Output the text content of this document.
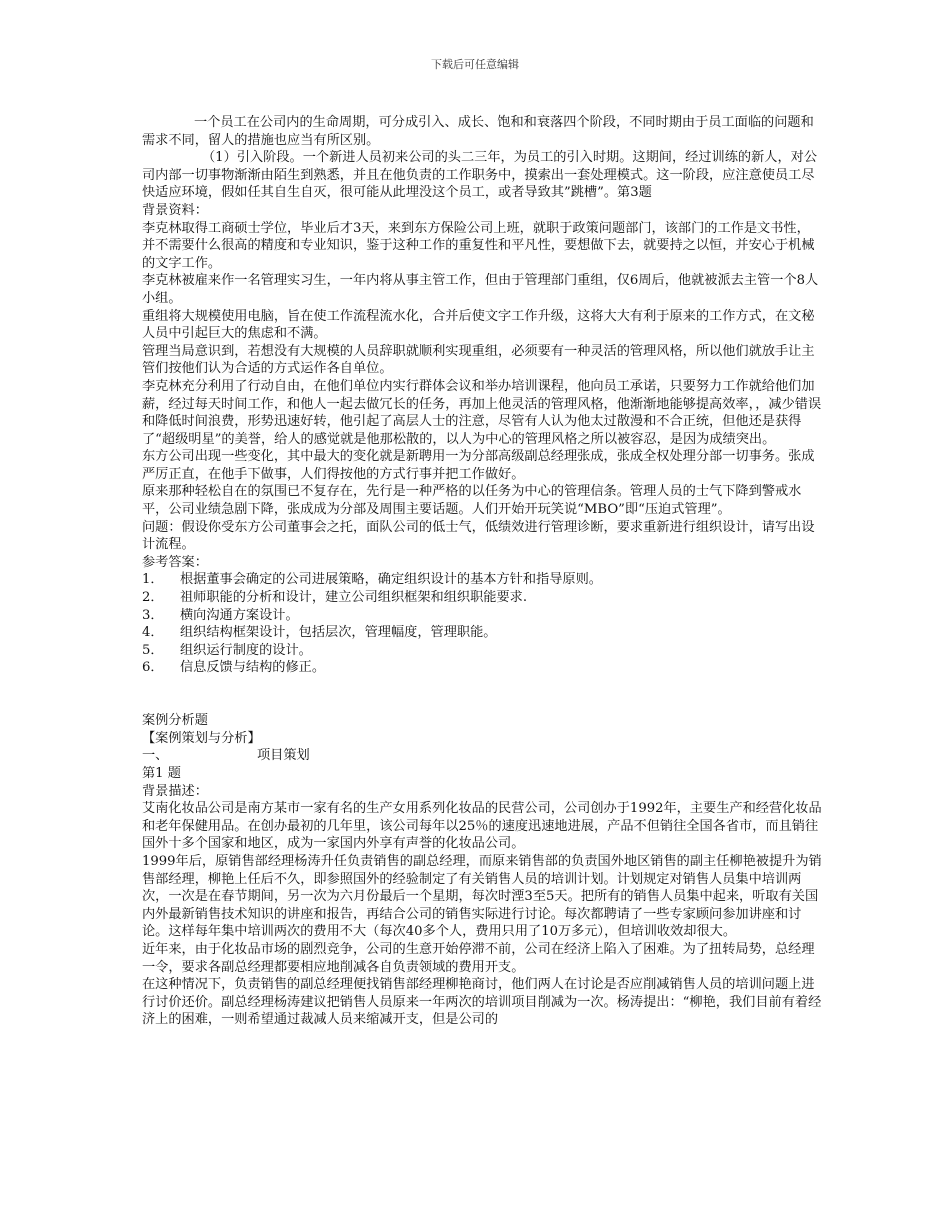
下载后可任意编辑

一个员工在公司内的生命周期，可分成引入、成长、饱和和衰落四个阶段，不同时期由于员工面临的问题和需求不同，留人的措施也应当有所区别。

（1）引入阶段。一个新进人员初来公司的头二三年，为员工的引入时期。这期间，经过训练的新人，对公司内部一切事物渐渐由陌生到熟悉，并且在他负责的工作职务中，摸索出一套处理模式。这一阶段，应注意使员工尽快适应环境，假如任其自生自灭，很可能从此埋没这个员工，或者导致其”跳槽”。第3题

背景资料：

李克林取得工商硕士学位，毕业后才3天，来到东方保险公司上班，就职于政策问题部门，该部门的工作是文书性，并不需要什么很高的精度和专业知识，鉴于这种工作的重复性和平凡性，要想做下去，就要持之以恒，并安心于机械的文字工作。

李克林被雇来作一名管理实习生，一年内将从事主管工作，但由于管理部门重组，仅6周后，他就被派去主管一个8人小组。

重组将大规模使用电脑，旨在使工作流程流水化，合并后使文字工作升级，这将大大有利于原来的工作方式，在文秘人员中引起巨大的焦虑和不满。

管理当局意识到，若想没有大规模的人员辞职就顺利实现重组，必须要有一种灵活的管理风格，所以他们就放手让主管们按他们认为合适的方式运作各自单位。

李克林充分利用了行动自由，在他们单位内实行群体会议和举办培训课程，他向员工承诺，只要努力工作就给他们加薪，经过每天时间工作，和他人一起去做冗长的任务，再加上他灵活的管理风格，他渐渐地能够提高效率，，减少错误和降低时间浪费，形势迅速好转，他引起了高层人士的注意，尽管有人认为他太过散漫和不合正统，但他还是获得了“超级明星”的美誉，给人的感觉就是他那松散的，以人为中心的管理风格之所以被容忍，是因为成绩突出。

东方公司出现一些变化，其中最大的变化就是新聘用一为分部高级副总经理张成，张成全权处理分部一切事务。张成严厉正直，在他手下做事，人们得按他的方式行事并把工作做好。

原来那种轻松自在的氛围已不复存在，先行是一种严格的以任务为中心的管理信条。管理人员的士气下降到警戒水平，公司业绩急剧下降，张成成为分部及周围主要话题。人们开始开玩笑说“MBO”即“压迫式管理”。

问题：假设你受东方公司董事会之托，面队公司的低士气，低绩效进行管理诊断，要求重新进行组织设计，请写出设计流程。

参考答案：

1．	根据董事会确定的公司进展策略，确定组织设计的基本方针和指导原则。
2．	祖师职能的分析和设计，建立公司组织框架和组织职能要求.
3．	横向沟通方案设计。
4．	组织结构框架设计，包括层次，管理幅度，管理职能。
5．	组织运行制度的设计。
6．	信息反馈与结构的修正。

案例分析题

【案例策划与分析】

一、	项目策划

第1 题

背景描述：

艾南化妆品公司是南方某市一家有名的生产女用系列化妆品的民营公司，公司创办于1992年，主要生产和经营化妆品和老年保健用品。在创办最初的几年里，该公司每年以25％的速度迅速地进展，产品不但销往全国各省市，而且销往国外十多个国家和地区，成为一家国内外享有声誉的化妆品公司。

1999年后，原销售部经理杨涛升任负责销售的副总经理，而原来销售部的负责国外地区销售的副主任柳艳被提升为销售部经理，柳艳上任后不久，即参照国外的经验制定了有关销售人员的培训计划。计划规定对销售人员集中培训两次，一次是在春节期间，另一次为六月份最后一个星期，每次时湮3至5天。把所有的销售人员集中起来，听取有关国内外最新销售技术知识的讲座和报告，再结合公司的销售实际进行讨论。每次都聘请了一些专家顾问参加讲座和讨论。这样每年集中培训两次的费用不大（每次40多个人，费用只用了10万多元），但培训收效却很大。

近年来，由于化妆品市场的剧烈竞争，公司的生意开始停滞不前，公司在经济上陷入了困难。为了扭转局势，总经理一令，要求各副总经理都要相应地削减各自负责领域的费用开支。

在这种情况下，负责销售的副总经理便找销售部经理柳艳商讨，他们两人在讨论是否应削减销售人员的培训问题上进行讨价还价。副总经理杨涛建议把销售人员原来一年两次的培训项目削减为一次。杨涛提出：“柳艳，我们目前有着经济上的困难，一则希望通过裁减人员来缩减开支，但是公司的
